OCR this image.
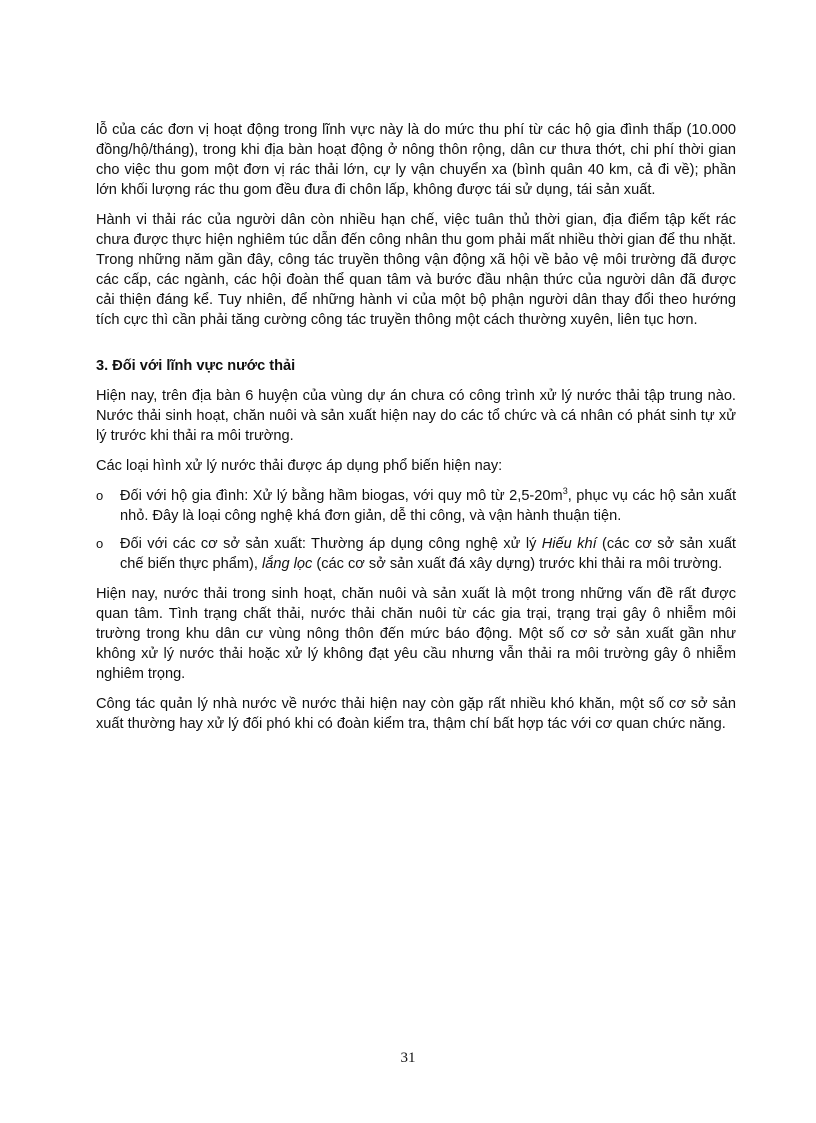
lỗ của các đơn vị hoạt động trong lĩnh vực này là do mức thu phí từ các hộ gia đình thấp (10.000 đồng/hộ/tháng), trong khi địa bàn hoạt động ở nông thôn rộng, dân cư thưa thớt, chi phí thời gian cho việc thu gom một đơn vị rác thải lớn, cự ly vận chuyển xa (bình quân 40 km, cả đi về); phần lớn khối lượng rác thu gom đều đưa đi chôn lấp, không được tái sử dụng, tái sản xuất.

Hành vi thải rác của người dân còn nhiều hạn chế, việc tuân thủ thời gian, địa điểm tập kết rác chưa được thực hiện nghiêm túc dẫn đến công nhân thu gom phải mất nhiều thời gian để thu nhặt. Trong những năm gần đây, công tác truyền thông vận động xã hội về bảo vệ môi trường đã được các cấp, các ngành, các hội đoàn thể quan tâm và bước đầu nhận thức của người dân đã được cải thiện đáng kể. Tuy nhiên, để những hành vi của một bộ phận người dân thay đổi theo hướng tích cực thì cần phải tăng cường công tác truyền thông một cách thường xuyên, liên tục hơn.

3. Đối với lĩnh vực nước thải

Hiện nay, trên địa bàn 6 huyện của vùng dự án chưa có công trình xử lý nước thải tập trung nào. Nước thải sinh hoạt, chăn nuôi và sản xuất hiện nay do các tổ chức và cá nhân có phát sinh tự xử lý trước khi thải ra môi trường.

Các loại hình xử lý nước thải được áp dụng phổ biến hiện nay:

o Đối với hộ gia đình: Xử lý bằng hầm biogas, với quy mô từ $2,5-20m^3$, phục vụ các hộ sản xuất nhỏ. Đây là loại công nghệ khá đơn giản, dễ thi công, và vận hành thuận tiện.
o Đối với các cơ sở sản xuất: Thường áp dụng công nghệ xử lý Hiếu khí (các cơ sở sản xuất chế biến thực phẩm), lắng lọc (các cơ sở sản xuất đá xây dựng) trước khi thải ra môi trường.

Hiện nay, nước thải trong sinh hoạt, chăn nuôi và sản xuất là một trong những vấn đề rất được quan tâm. Tình trạng chất thải, nước thải chăn nuôi từ các gia trại, trạng trại gây ô nhiễm môi trường trong khu dân cư vùng nông thôn đến mức báo động. Một số cơ sở sản xuất gần như không xử lý nước thải hoặc xử lý không đạt yêu cầu nhưng vẫn thải ra môi trường gây ô nhiễm nghiêm trọng.

Công tác quản lý nhà nước về nước thải hiện nay còn gặp rất nhiều khó khăn, một số cơ sở sản xuất thường hay xử lý đối phó khi có đoàn kiểm tra, thậm chí bất hợp tác với cơ quan chức năng.

31
